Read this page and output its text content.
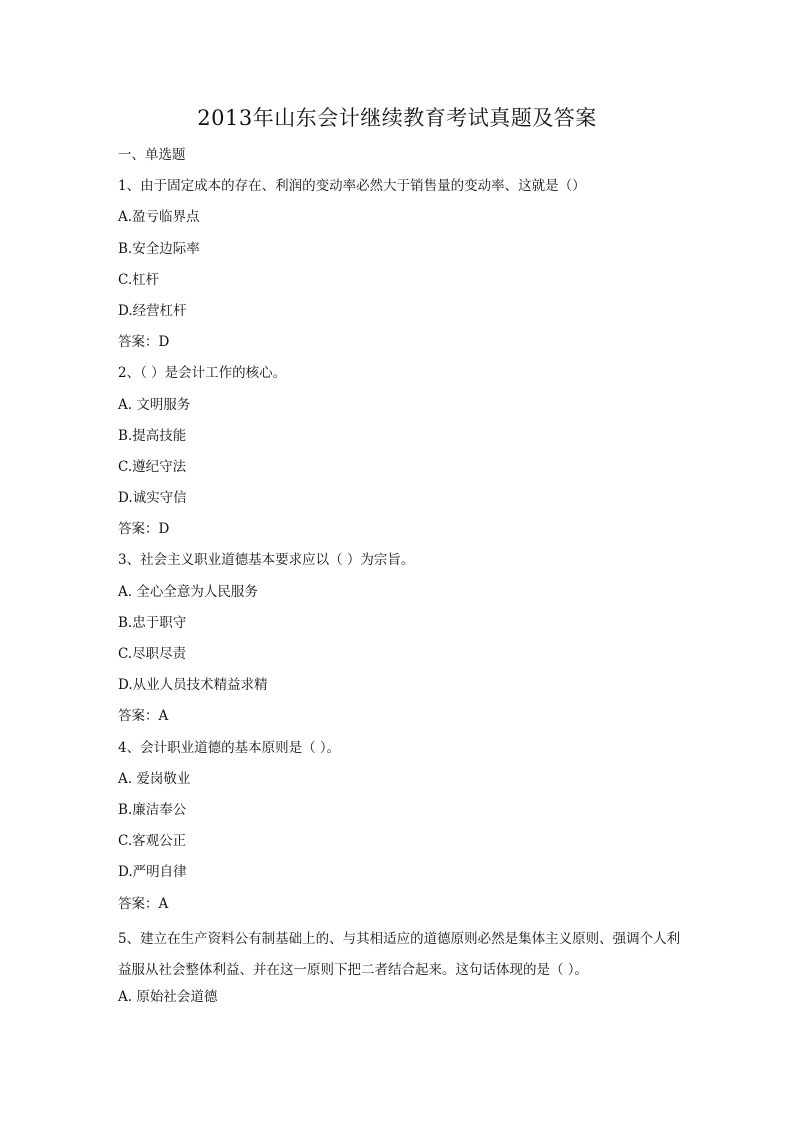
2013年山东会计继续教育考试真题及答案
一、单选题
1、由于固定成本的存在、利润的变动率必然大于销售量的变动率、这就是（）
A.盈亏临界点
B.安全边际率
C.杠杆
D.经营杠杆
答案：D
2、（ ）是会计工作的核心。
A. 文明服务
B.提高技能
C.遵纪守法
D.诚实守信
答案：D
3、社会主义职业道德基本要求应以（ ）为宗旨。
A. 全心全意为人民服务
B.忠于职守
C.尽职尽责
D.从业人员技术精益求精
答案：A
4、会计职业道德的基本原则是（ ）。
A. 爱岗敬业
B.廉洁奉公
C.客观公正
D.严明自律
答案：A
5、建立在生产资料公有制基础上的、与其相适应的道德原则必然是集体主义原则、强调个人利益服从社会整体利益、并在这一原则下把二者结合起来。这句话体现的是（ ）。
A. 原始社会道德
